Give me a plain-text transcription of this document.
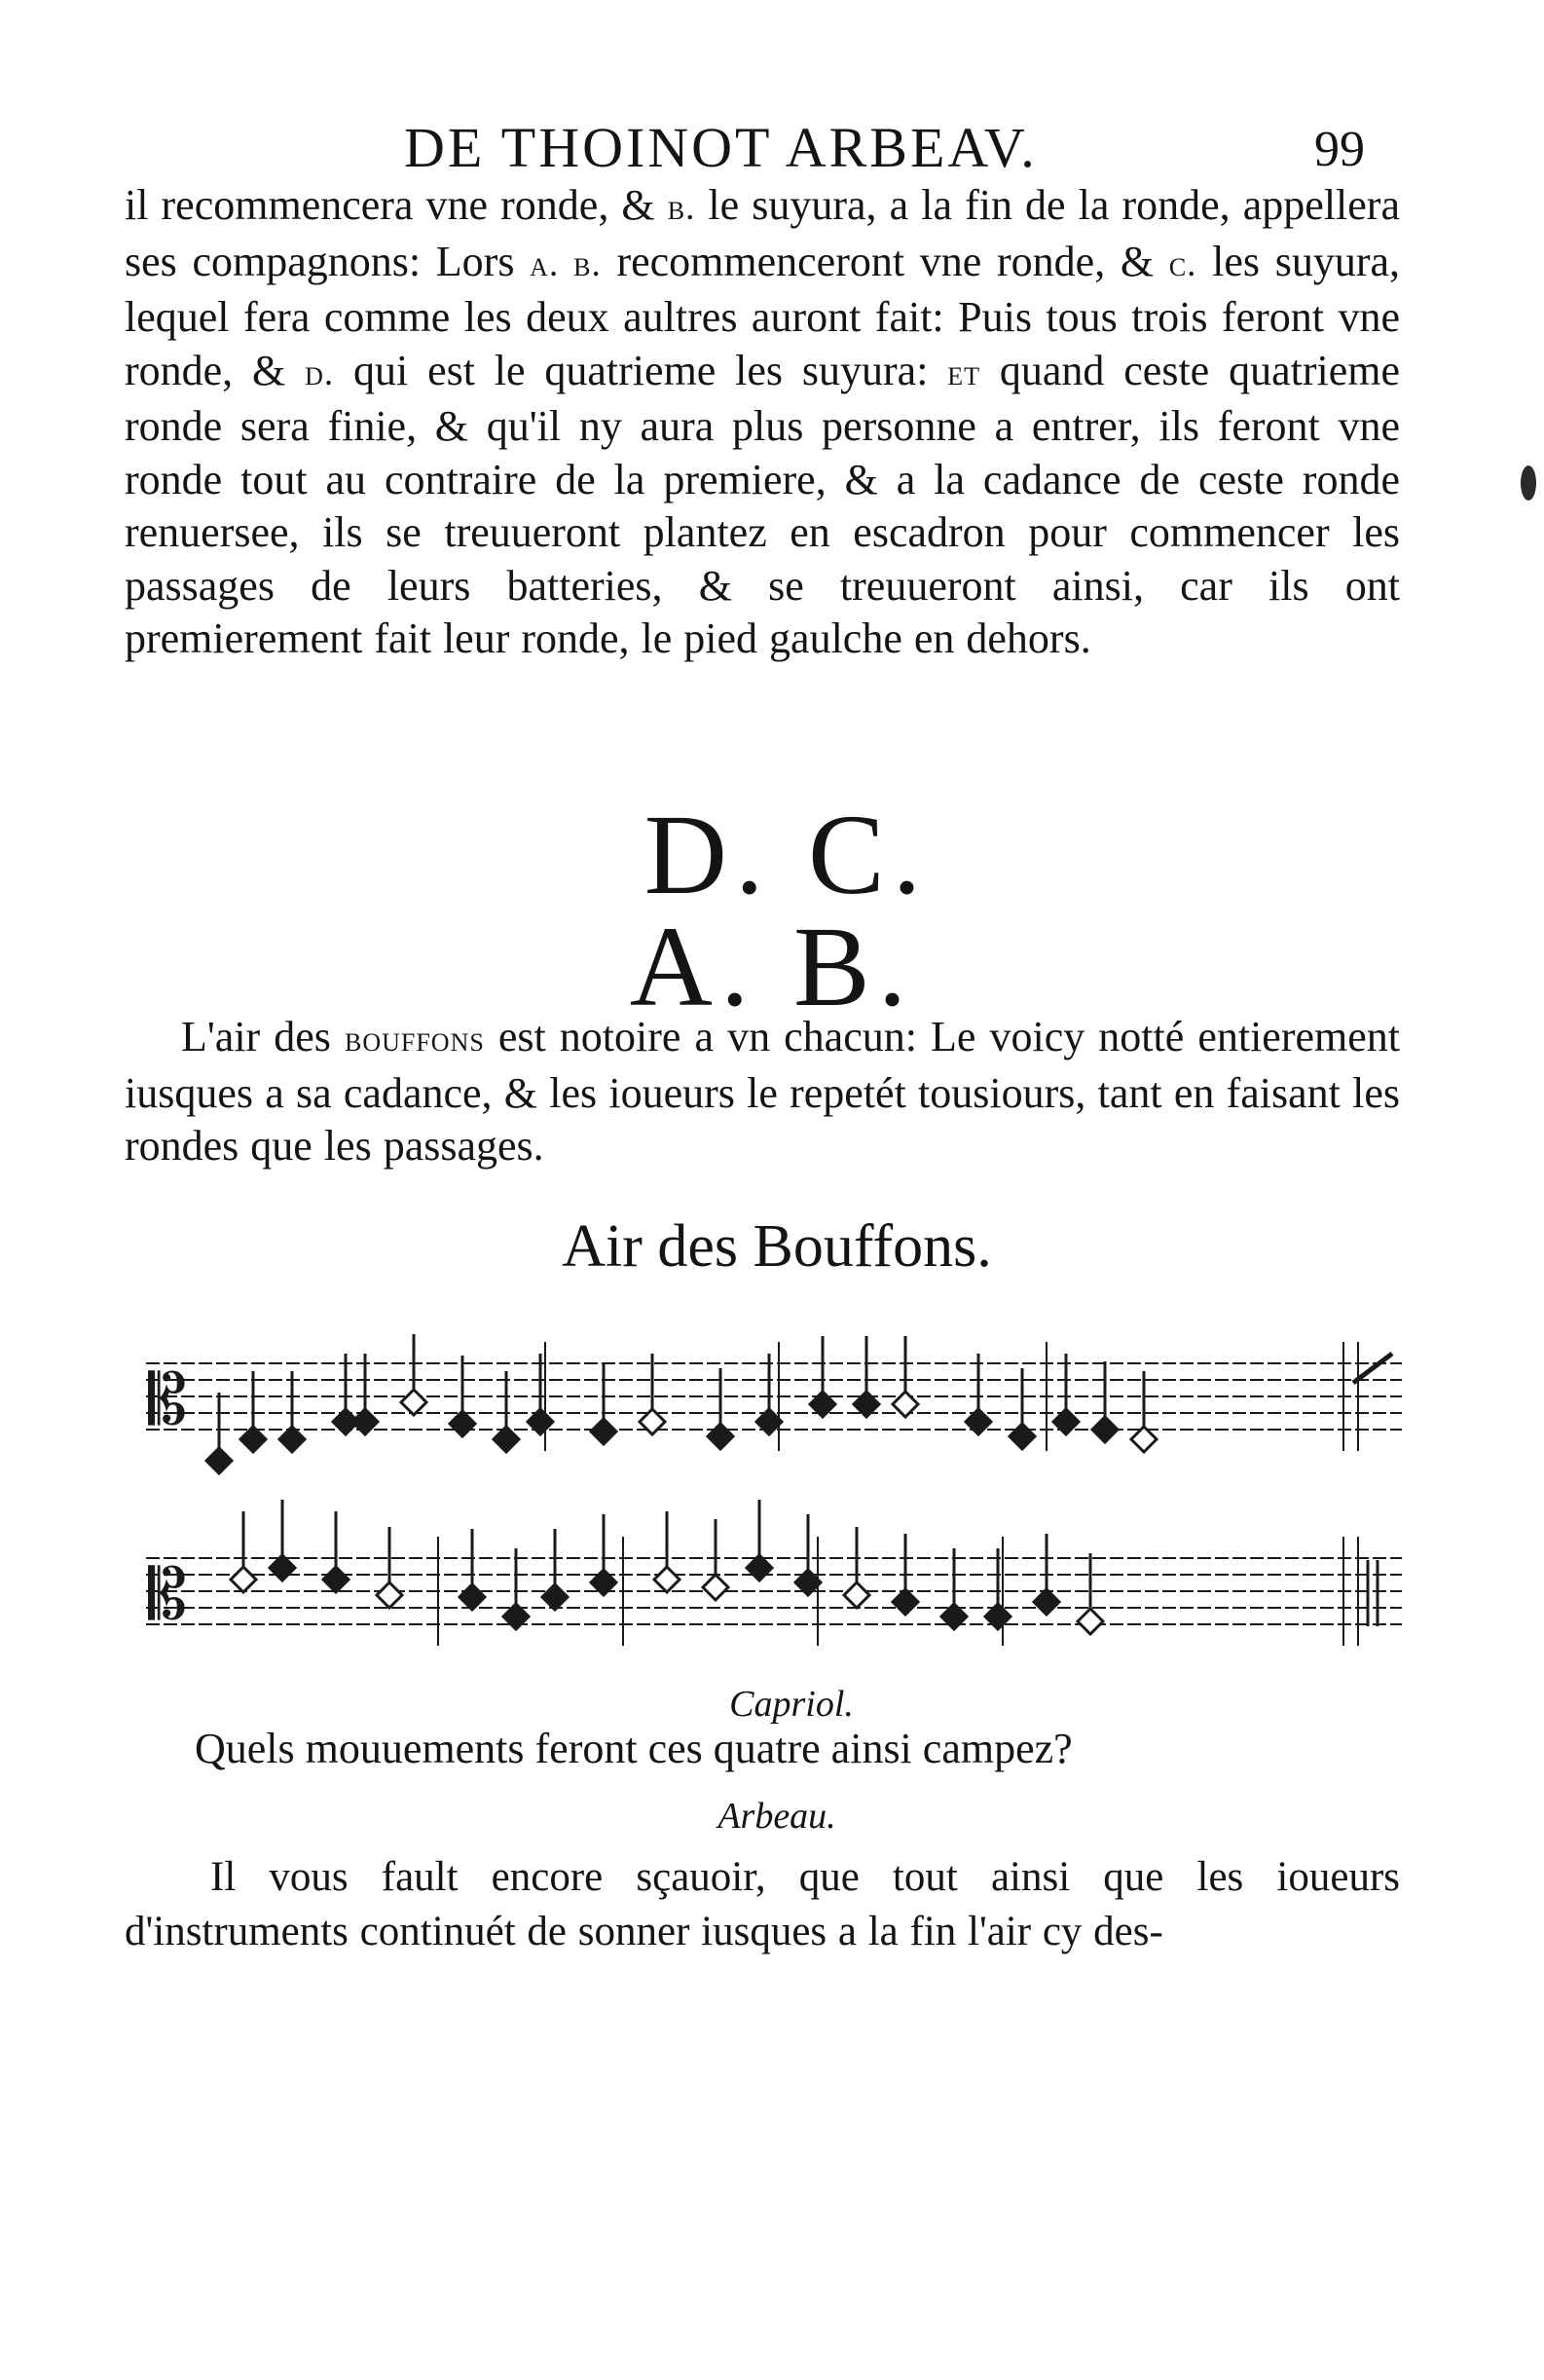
DE THOINOT ARBEAV.	99
il recommencera vne ronde, & b. le suyura, a la fin de la ronde, appellera ses compagnons: Lors a. b. recommenceront vne ronde, & c. les suyura, lequel fera comme les deux aultres auront fait: Puis tous trois feront vne ronde, & d. qui est le quatrieme les suyura: et quand ceste quatrieme ronde sera finie, & qu'il ny aura plus personne a entrer, ils feront vne ronde tout au contraire de la premiere, & a la cadance de ceste ronde renuersee, ils se treuueront plantez en escadron pour commencer les passages de leurs batteries, & se treuueront ainsi, car ils ont premierement fait leur ronde, le pied gaulche en dehors.
D. C.
A. B.
L'air des bouffons est notoire a vn chacun: Le voicy notté entierement iusques a sa cadance, & les ioueurs le repetét tousiours, tant en faisant les rondes que les passages.
Air des Bouffons.
𝄡
𝄡
Capriol.
Quels mouuements feront ces quatre ainsi campez?
Arbeau.
Il vous fault encore sçauoir, que tout ainsi que les ioueurs d'instruments continuét de sonner iusques a la fin l'air cy des-
